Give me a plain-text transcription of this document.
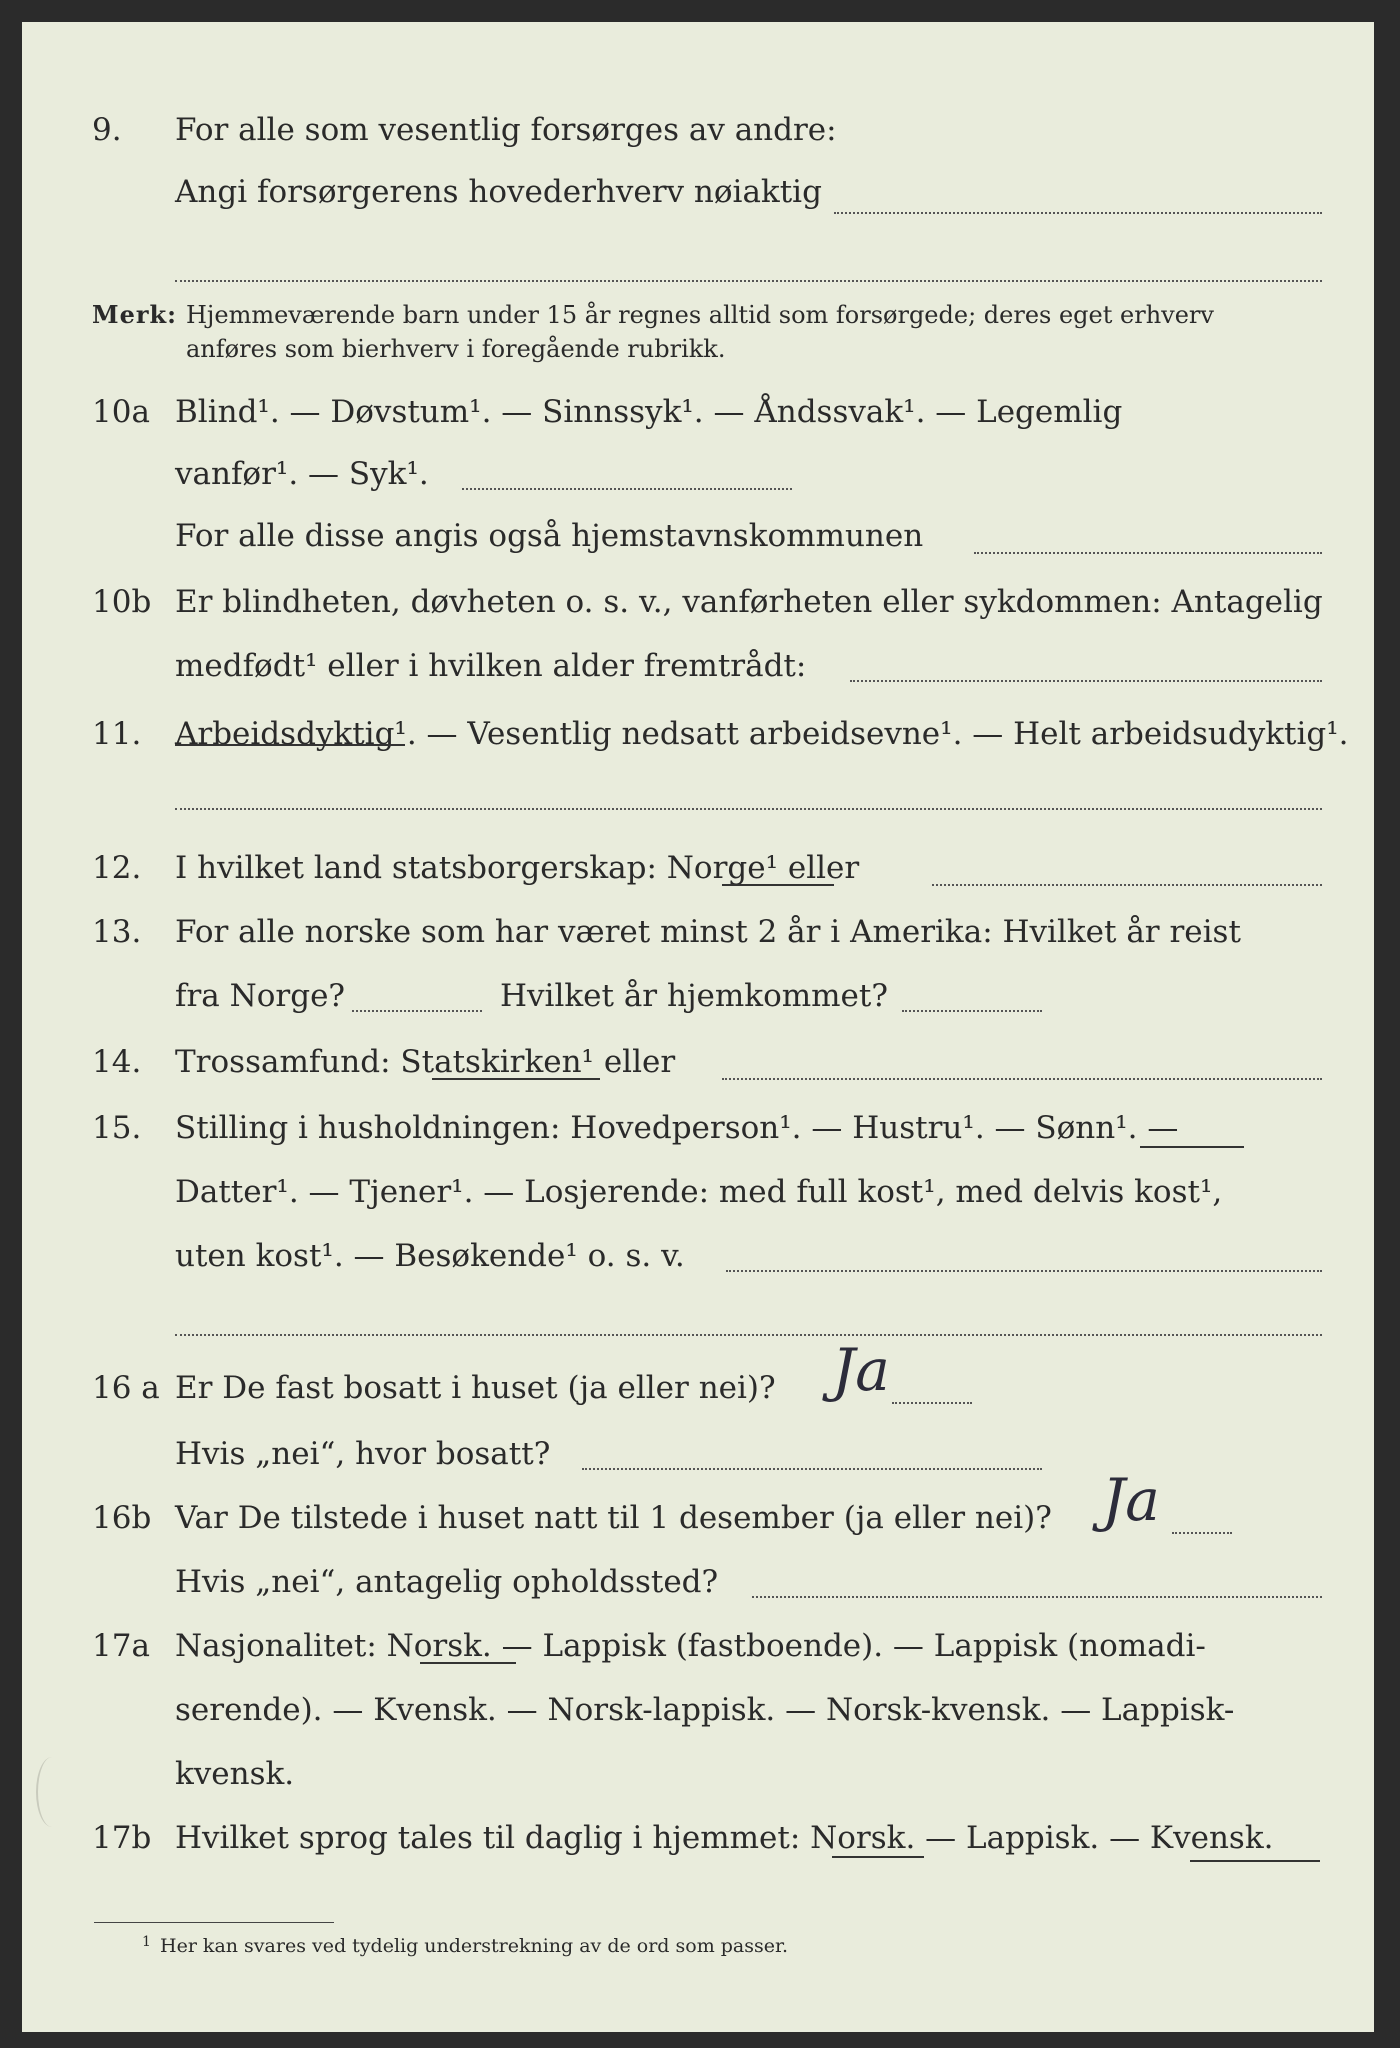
9. For alle som vesentlig forsørges av andre:
Angi forsørgerens hovederhverv nøiaktig
Merk: Hjemmeværende barn under 15 år regnes alltid som forsørgede; deres eget erhverv
anføres som bierhverv i foregående rubrikk.
10a Blind¹. — Døvstum¹. — Sinnssyk¹. — Åndssvak¹. — Legemlig
vanfør¹. — Syk¹.
For alle disse angis også hjemstavnskommunen
10b Er blindheten, døvheten o. s. v., vanførheten eller sykdommen: Antagelig
medfødt¹ eller i hvilken alder fremtrådt:
11. Arbeidsdyktig¹. — Vesentlig nedsatt arbeidsevne¹. — Helt arbeidsudyktig¹.
12. I hvilket land statsborgerskap: Norge¹ eller
13. For alle norske som har været minst 2 år i Amerika: Hvilket år reist
fra Norge?	Hvilket år hjemkommet?
14. Trossamfund: Statskirken¹ eller
15. Stilling i husholdningen: Hovedperson¹. — Hustru¹. — Sønn¹. —
Datter¹. — Tjener¹. — Losjerende: med full kost¹, med delvis kost¹,
uten kost¹. — Besøkende¹ o. s. v.
16 a Er De fast bosatt i huset (ja eller nei)? Ja
Hvis „nei“, hvor bosatt?
16b Var De tilstede i huset natt til 1 desember (ja eller nei)? Ja
Hvis „nei“, antagelig opholdssted?
17a Nasjonalitet: Norsk. — Lappisk (fastboende). — Lappisk (nomadi-
serende). — Kvensk. — Norsk-lappisk. — Norsk-kvensk. — Lappisk-
kvensk.
17b Hvilket sprog tales til daglig i hjemmet: Norsk. — Lappisk. — Kvensk.
1 Her kan svares ved tydelig understrekning av de ord som passer.
